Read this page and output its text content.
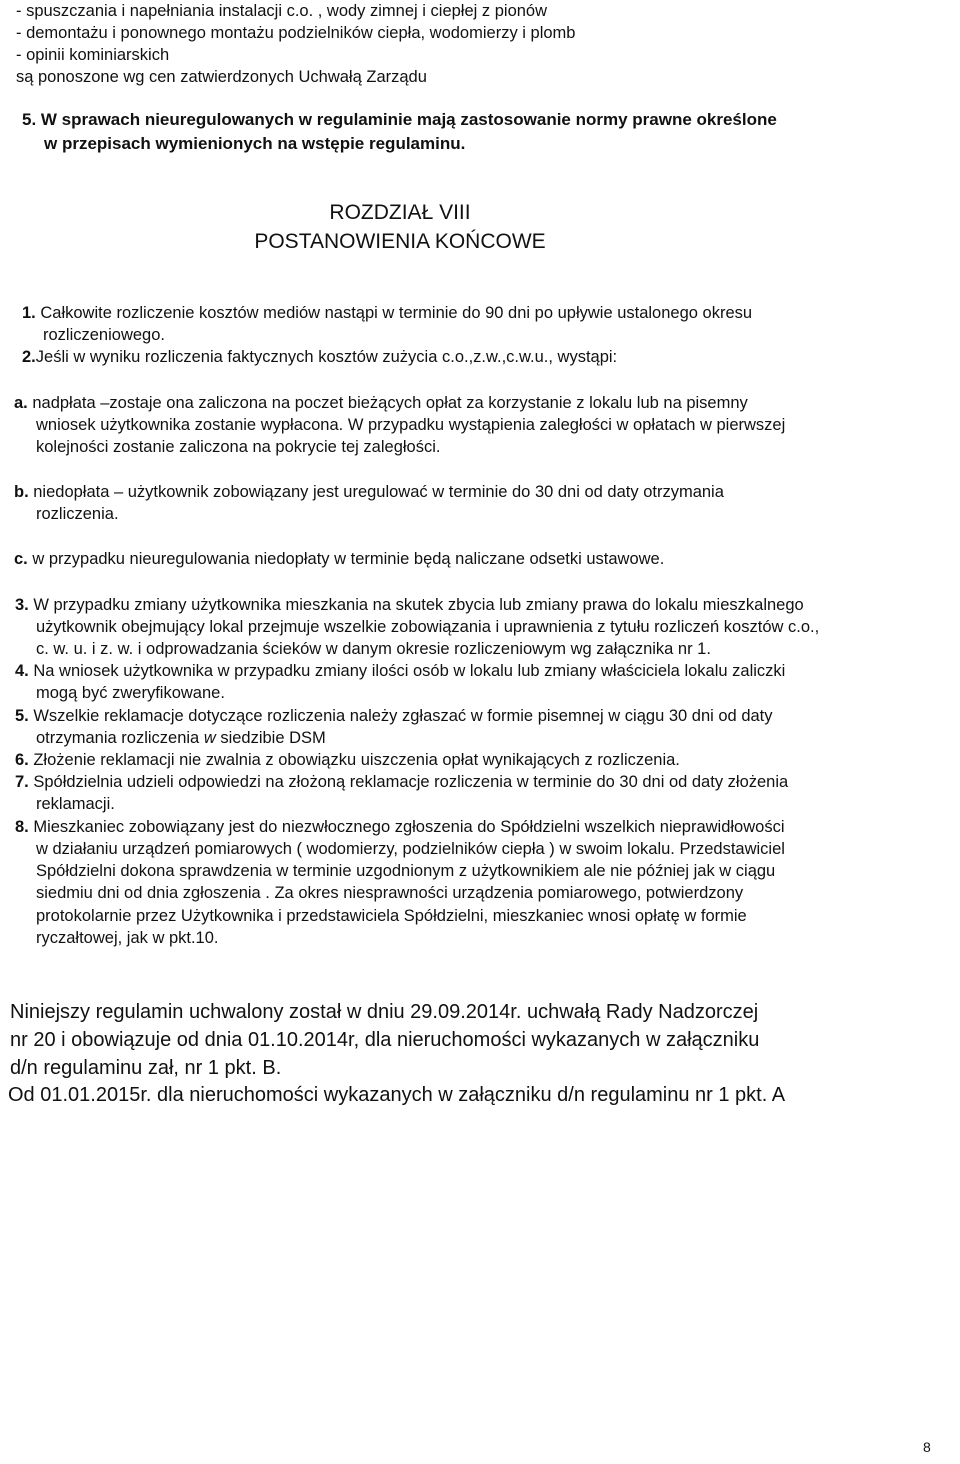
- spuszczania i napełniania instalacji c.o. , wody zimnej i ciepłej z pionów

- demontażu i ponownego montażu podzielników ciepła, wodomierzy i plomb

- opinii kominiarskich

są ponoszone wg cen zatwierdzonych Uchwałą Zarządu

5. W sprawach nieuregulowanych w regulaminie mają zastosowanie normy prawne określone

w przepisach wymienionych na wstępie regulaminu.

ROZDZIAŁ VIII
POSTANOWIENIA KOŃCOWE

1. Całkowite rozliczenie kosztów mediów nastąpi w terminie do 90 dni po upływie ustalonego okresu

rozliczeniowego.

2.Jeśli w wyniku rozliczenia faktycznych kosztów zużycia c.o.,z.w.,c.w.u., wystąpi:

a. nadpłata –zostaje ona zaliczona na poczet bieżących opłat za korzystanie z lokalu lub na pisemny

wniosek użytkownika zostanie wypłacona. W przypadku wystąpienia zaległości w opłatach w pierwszej

kolejności zostanie zaliczona na pokrycie tej zaległości.

b. niedopłata – użytkownik zobowiązany jest uregulować w terminie do 30 dni od daty otrzymania

rozliczenia.

c. w przypadku nieuregulowania niedopłaty w terminie będą naliczane odsetki ustawowe.

3. W przypadku zmiany użytkownika mieszkania na skutek zbycia lub zmiany prawa do lokalu mieszkalnego

użytkownik obejmujący lokal przejmuje wszelkie zobowiązania i uprawnienia z tytułu rozliczeń kosztów c.o.,

c. w. u. i z. w. i odprowadzania ścieków w danym okresie rozliczeniowym wg załącznika nr 1.

4. Na wniosek użytkownika w przypadku zmiany ilości osób w lokalu lub zmiany właściciela lokalu zaliczki

mogą być zweryfikowane.

5. Wszelkie reklamacje dotyczące rozliczenia należy zgłaszać w formie pisemnej w ciągu 30 dni od daty

otrzymania rozliczenia w siedzibie DSM

6. Złożenie reklamacji nie zwalnia z obowiązku uiszczenia opłat wynikających z rozliczenia.

7. Spółdzielnia udzieli odpowiedzi na złożoną reklamacje rozliczenia w terminie do 30 dni od daty złożenia

reklamacji.

8. Mieszkaniec zobowiązany jest do niezwłocznego zgłoszenia do Spółdzielni wszelkich nieprawidłowości

w działaniu urządzeń pomiarowych ( wodomierzy, podzielników ciepła ) w swoim lokalu. Przedstawiciel

Spółdzielni dokona sprawdzenia w terminie uzgodnionym z użytkownikiem ale nie później jak w ciągu

siedmiu dni od dnia zgłoszenia . Za okres niesprawności urządzenia pomiarowego, potwierdzony

protokolarnie przez Użytkownika i przedstawiciela Spółdzielni, mieszkaniec wnosi opłatę w formie

ryczałtowej, jak w pkt.10.

Niniejszy regulamin uchwalony został w dniu 29.09.2014r. uchwałą Rady Nadzorczej

nr 20 i obowiązuje od dnia 01.10.2014r, dla nieruchomości wykazanych w załączniku

d/n regulaminu zał, nr 1 pkt. B.

Od 01.01.2015r. dla nieruchomości wykazanych w załączniku d/n regulaminu nr 1 pkt. A

8
